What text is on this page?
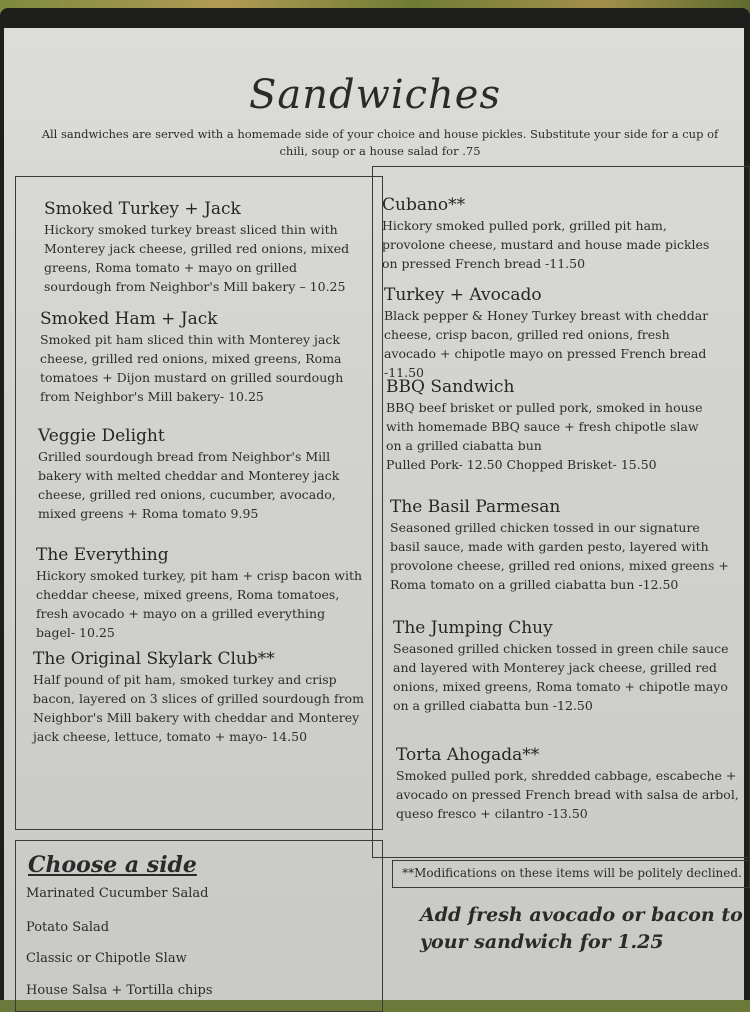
Sandwiches
All sandwiches are served with a homemade side of your choice and house pickles. Substitute your side for a cup of chili, soup or a house salad for .75
Smoked Turkey + Jack
Hickory smoked turkey breast sliced thin with Monterey jack cheese, grilled red onions, mixed greens, Roma tomato + mayo on grilled sourdough from Neighbor's Mill bakery – 10.25
Smoked Ham + Jack
Smoked pit ham sliced thin with Monterey jack cheese, grilled red onions, mixed greens, Roma tomatoes + Dijon mustard on grilled sourdough from Neighbor's Mill bakery- 10.25
Veggie Delight
Grilled sourdough bread from Neighbor's Mill bakery with melted cheddar and Monterey jack cheese, grilled red onions, cucumber, avocado, mixed greens + Roma tomato 9.95
The Everything
Hickory smoked turkey, pit ham + crisp bacon with cheddar cheese, mixed greens, Roma tomatoes, fresh avocado + mayo on a grilled everything bagel- 10.25
The Original Skylark Club**
Half pound of pit ham, smoked turkey and crisp bacon, layered on 3 slices of grilled sourdough from Neighbor's Mill bakery with cheddar and Monterey jack cheese, lettuce, tomato + mayo- 14.50
Cubano**
Hickory smoked pulled pork, grilled pit ham, provolone cheese, mustard and house made pickles on pressed French bread -11.50
Turkey + Avocado
Black pepper & Honey Turkey breast with cheddar cheese, crisp bacon, grilled red onions, fresh avocado + chipotle mayo on pressed French bread -11.50
BBQ Sandwich
BBQ beef brisket or pulled pork, smoked in house with homemade BBQ sauce + fresh chipotle slaw on a grilled ciabatta bun
Pulled Pork- 12.50 Chopped Brisket- 15.50
The Basil Parmesan
Seasoned grilled chicken tossed in our signature basil sauce, made with garden pesto, layered with provolone cheese, grilled red onions, mixed greens + Roma tomato on a grilled ciabatta bun -12.50
The Jumping Chuy
Seasoned grilled chicken tossed in green chile sauce and layered with Monterey jack cheese, grilled red onions, mixed greens, Roma tomato + chipotle mayo on a grilled ciabatta bun -12.50
Torta Ahogada**
Smoked pulled pork, shredded cabbage, escabeche + avocado on pressed French bread with salsa de arbol, queso fresco + cilantro -13.50
Choose a side
Marinated Cucumber Salad
Potato Salad
Classic or Chipotle Slaw
House Salsa + Tortilla chips
**Modifications on these items will be politely declined.
Add fresh avocado or bacon to your sandwich for 1.25
